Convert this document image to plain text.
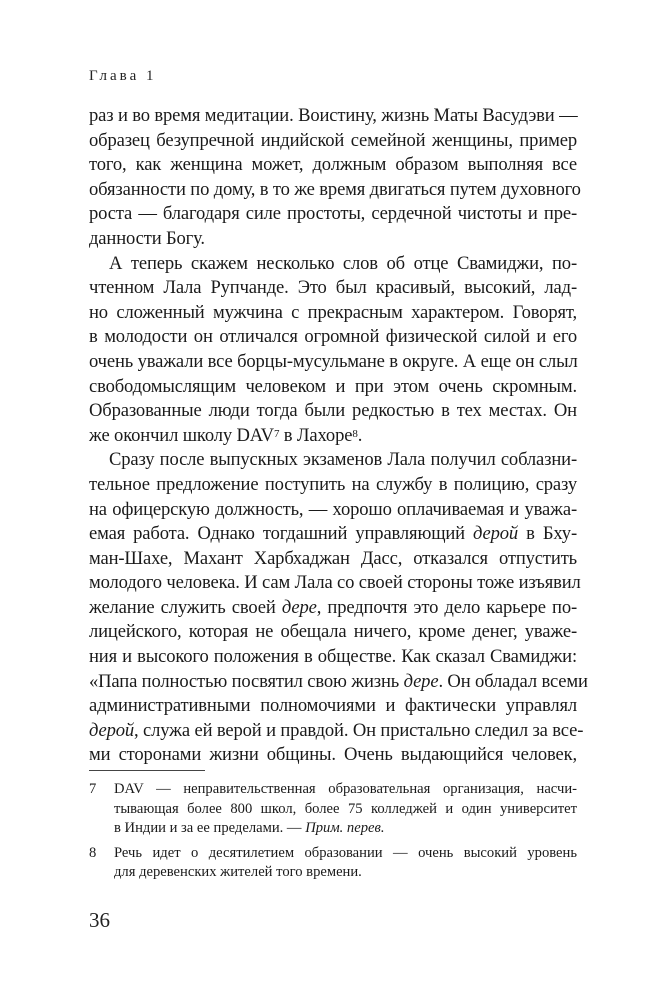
Глава 1
раз и во время медитации. Воистину, жизнь Маты Васудэви —
образец безупречной индийской семейной женщины, пример
того, как женщина может, должным образом выполняя все
обязанности по дому, в то же время двигаться путем духовного
роста — благодаря силе простоты, сердечной чистоты и пре-
данности Богу.
А теперь скажем несколько слов об отце Свамиджи, по-
чтенном Лала Рупчанде. Это был красивый, высокий, лад-
но сложенный мужчина с прекрасным характером. Говорят,
в молодости он отличался огромной физической силой и его
очень уважали все борцы-мусульмане в округе. А еще он слыл
свободомыслящим человеком и при этом очень скромным.
Образованные люди тогда были редкостью в тех местах. Он
же окончил школу DAV$^7$ в Лахоре$^8$.
Сразу после выпускных экзаменов Лала получил соблазни-
тельное предложение поступить на службу в полицию, сразу
на офицерскую должность, — хорошо оплачиваемая и уважа-
емая работа. Однако тогдашний управляющий дерой в Бху-
ман-Шахе, Махант Харбхаджан Дасс, отказался отпустить
молодого человека. И сам Лала со своей стороны тоже изъявил
желание служить своей дере, предпочтя это дело карьере по-
лицейского, которая не обещала ничего, кроме денег, уваже-
ния и высокого положения в обществе. Как сказал Свамиджи:
«Папа полностью посвятил свою жизнь дере. Он обладал всеми
административными полномочиями и фактически управлял
дерой, служа ей верой и правдой. Он пристально следил за все-
ми сторонами жизни общины. Очень выдающийся человек,
7 DAV — неправительственная образовательная организация, насчи-
тывающая более 800 школ, более 75 колледжей и один университет
в Индии и за ее пределами. — Прим. перев.
8 Речь идет о десятилетием образовании — очень высокий уровень
для деревенских жителей того времени.
36
